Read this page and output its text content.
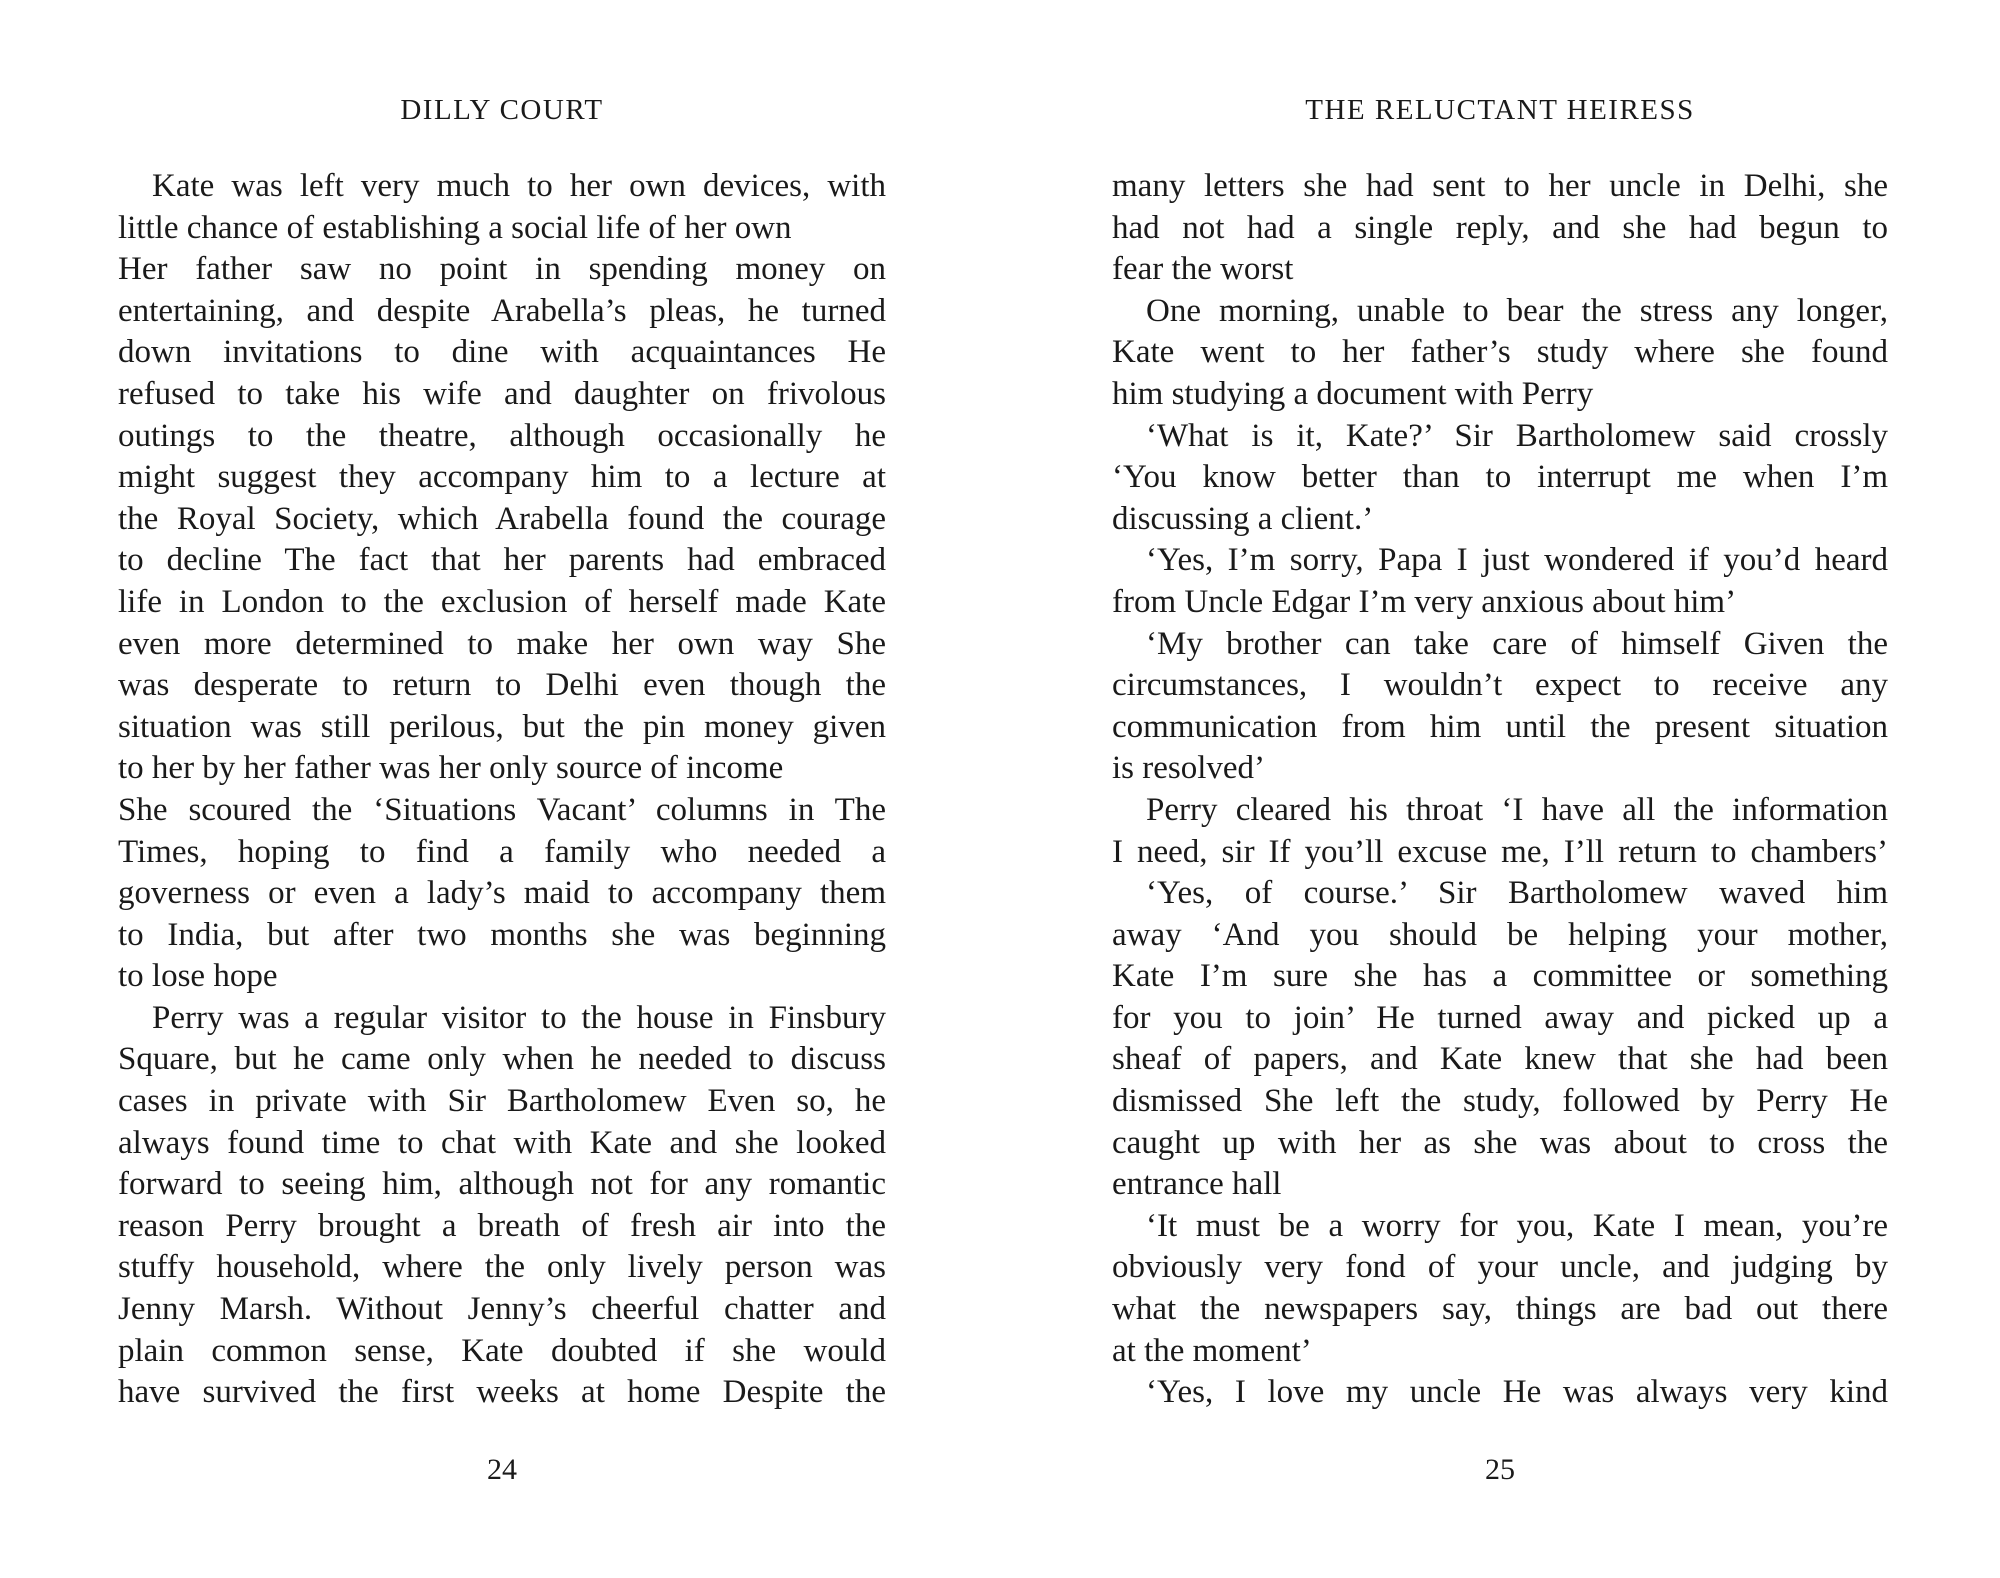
DILLY COURT
Kate was left very much to her own devices, with
little chance of establishing a social life of her own
Her father saw no point in spending money on
entertaining, and despite Arabella’s pleas, he turned
down invitations to dine with acquaintances He
refused to take his wife and daughter on frivolous
outings to the theatre, although occasionally he
might suggest they accompany him to a lecture at
the Royal Society, which Arabella found the courage
to decline The fact that her parents had embraced
life in London to the exclusion of herself made Kate
even more determined to make her own way She
was desperate to return to Delhi even though the
situation was still perilous, but the pin money given
to her by her father was her only source of income
She scoured the ‘Situations Vacant’ columns in The
Times, hoping to find a family who needed a
governess or even a lady’s maid to accompany them
to India, but after two months she was beginning
to lose hope
Perry was a regular visitor to the house in Finsbury
Square, but he came only when he needed to discuss
cases in private with Sir Bartholomew Even so, he
always found time to chat with Kate and she looked
forward to seeing him, although not for any romantic
reason Perry brought a breath of fresh air into the
stuffy household, where the only lively person was
Jenny Marsh. Without Jenny’s cheerful chatter and
plain common sense, Kate doubted if she would
have survived the first weeks at home Despite the
24
THE RELUCTANT HEIRESS
many letters she had sent to her uncle in Delhi, she
had not had a single reply, and she had begun to
fear the worst
One morning, unable to bear the stress any longer,
Kate went to her father’s study where she found
him studying a document with Perry
‘What is it, Kate?’ Sir Bartholomew said crossly
‘You know better than to interrupt me when I’m
discussing a client.’
‘Yes, I’m sorry, Papa I just wondered if you’d heard
from Uncle Edgar I’m very anxious about him’
‘My brother can take care of himself Given the
circumstances, I wouldn’t expect to receive any
communication from him until the present situation
is resolved’
Perry cleared his throat ‘I have all the information
I need, sir If you’ll excuse me, I’ll return to chambers’
‘Yes, of course.’ Sir Bartholomew waved him
away ‘And you should be helping your mother,
Kate I’m sure she has a committee or something
for you to join’ He turned away and picked up a
sheaf of papers, and Kate knew that she had been
dismissed She left the study, followed by Perry He
caught up with her as she was about to cross the
entrance hall
‘It must be a worry for you, Kate I mean, you’re
obviously very fond of your uncle, and judging by
what the newspapers say, things are bad out there
at the moment’
‘Yes, I love my uncle He was always very kind
25
